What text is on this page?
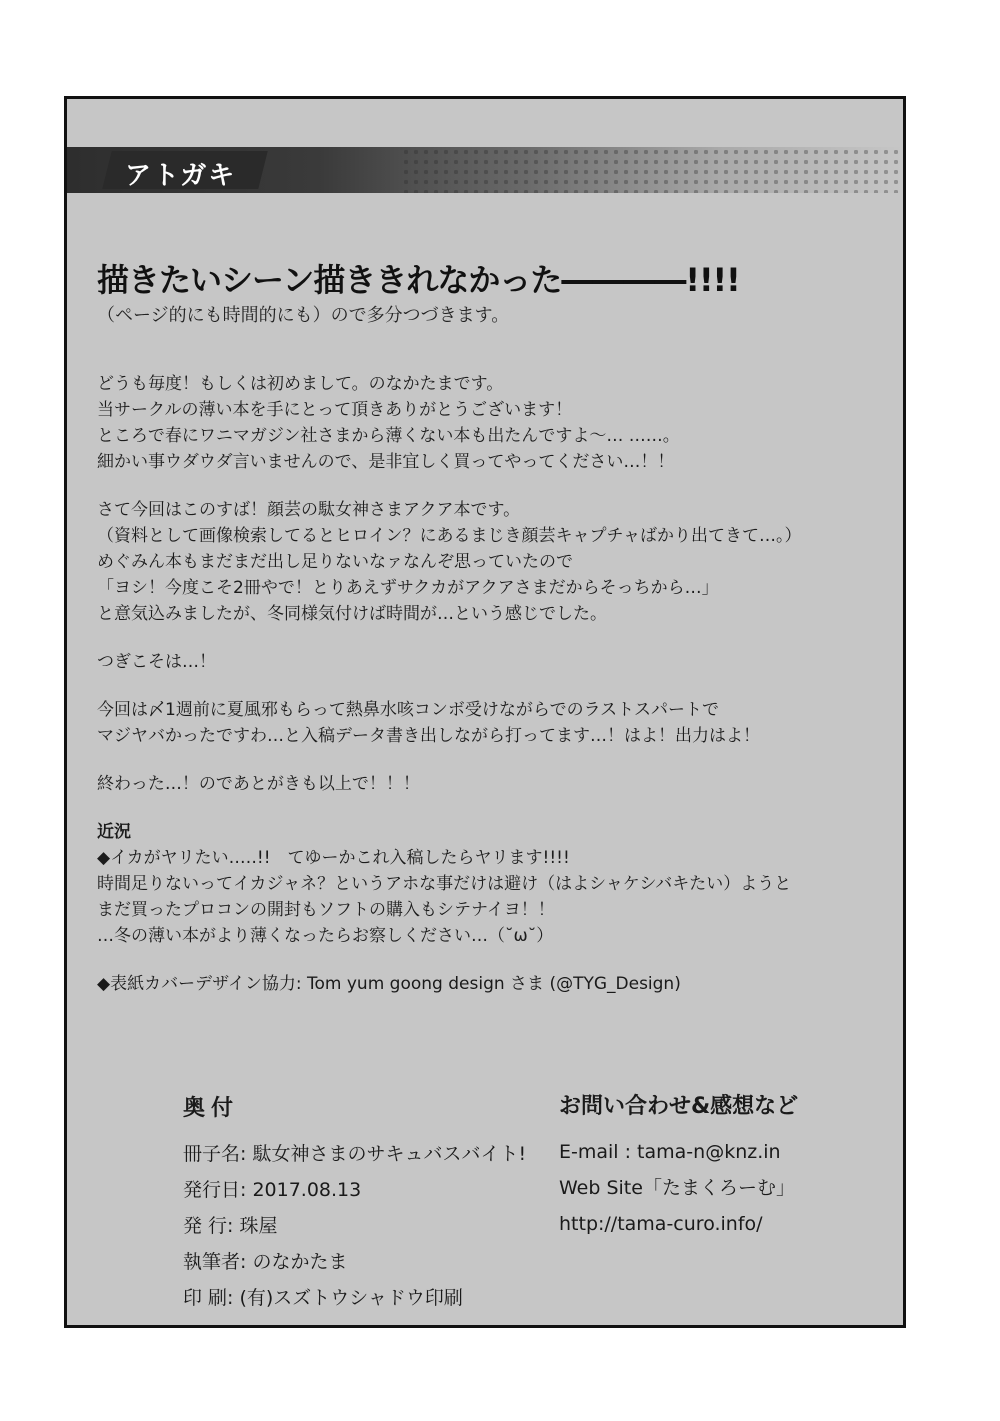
アトガキ
描きたいシーン描ききれなかった――――!!!!
（ページ的にも時間的にも）ので多分つづきます。
どうも毎度！もしくは初めまして。のなかたまです。
当サークルの薄い本を手にとって頂きありがとうございます！
ところで春にワニマガジン社さまから薄くない本も出たんですよ～… ……。
細かい事ウダウダ言いませんので、是非宜しく買ってやってください…！！
さて今回はこのすば！顔芸の駄女神さまアクア本です。
（資料として画像検索してるとヒロイン？にあるまじき顔芸キャプチャばかり出てきて…。）
めぐみん本もまだまだ出し足りないなァなんぞ思っていたので
「ヨシ！今度こそ2冊やで！とりあえずサクカがアクアさまだからそっちから…」
と意気込みましたが、冬同様気付けば時間が…という感じでした。
つぎこそは…！
今回は〆1週前に夏風邪もらって熱鼻水咳コンボ受けながらでのラストスパートで
マジヤバかったですわ…と入稿データ書き出しながら打ってます…！はよ！出力はよ！
終わった…！のであとがきも以上で！！！
近況
◆イカがヤリたい…‥!!　てゆーかこれ入稿したらヤリます!!!!
時間足りないってイカジャネ？というアホな事だけは避け（はよシャケシバキたい）ようと
まだ買ったプロコンの開封もソフトの購入もシテナイヨ！！
…冬の薄い本がより薄くなったらお察しください…（˘ω˘）
◆表紙カバーデザイン協力: Tom yum goong design さま (@TYG_Design)
奥付
冊子名: 駄女神さまのサキュバスバイト!
発行日: 2017.08.13
発 行: 珠屋
執筆者: のなかたま
印 刷: (有)スズトウシャドウ印刷
お問い合わせ&感想など
E-mail : tama-n@knz.in
Web Site「たまくろーむ」
http://tama-curo.info/
